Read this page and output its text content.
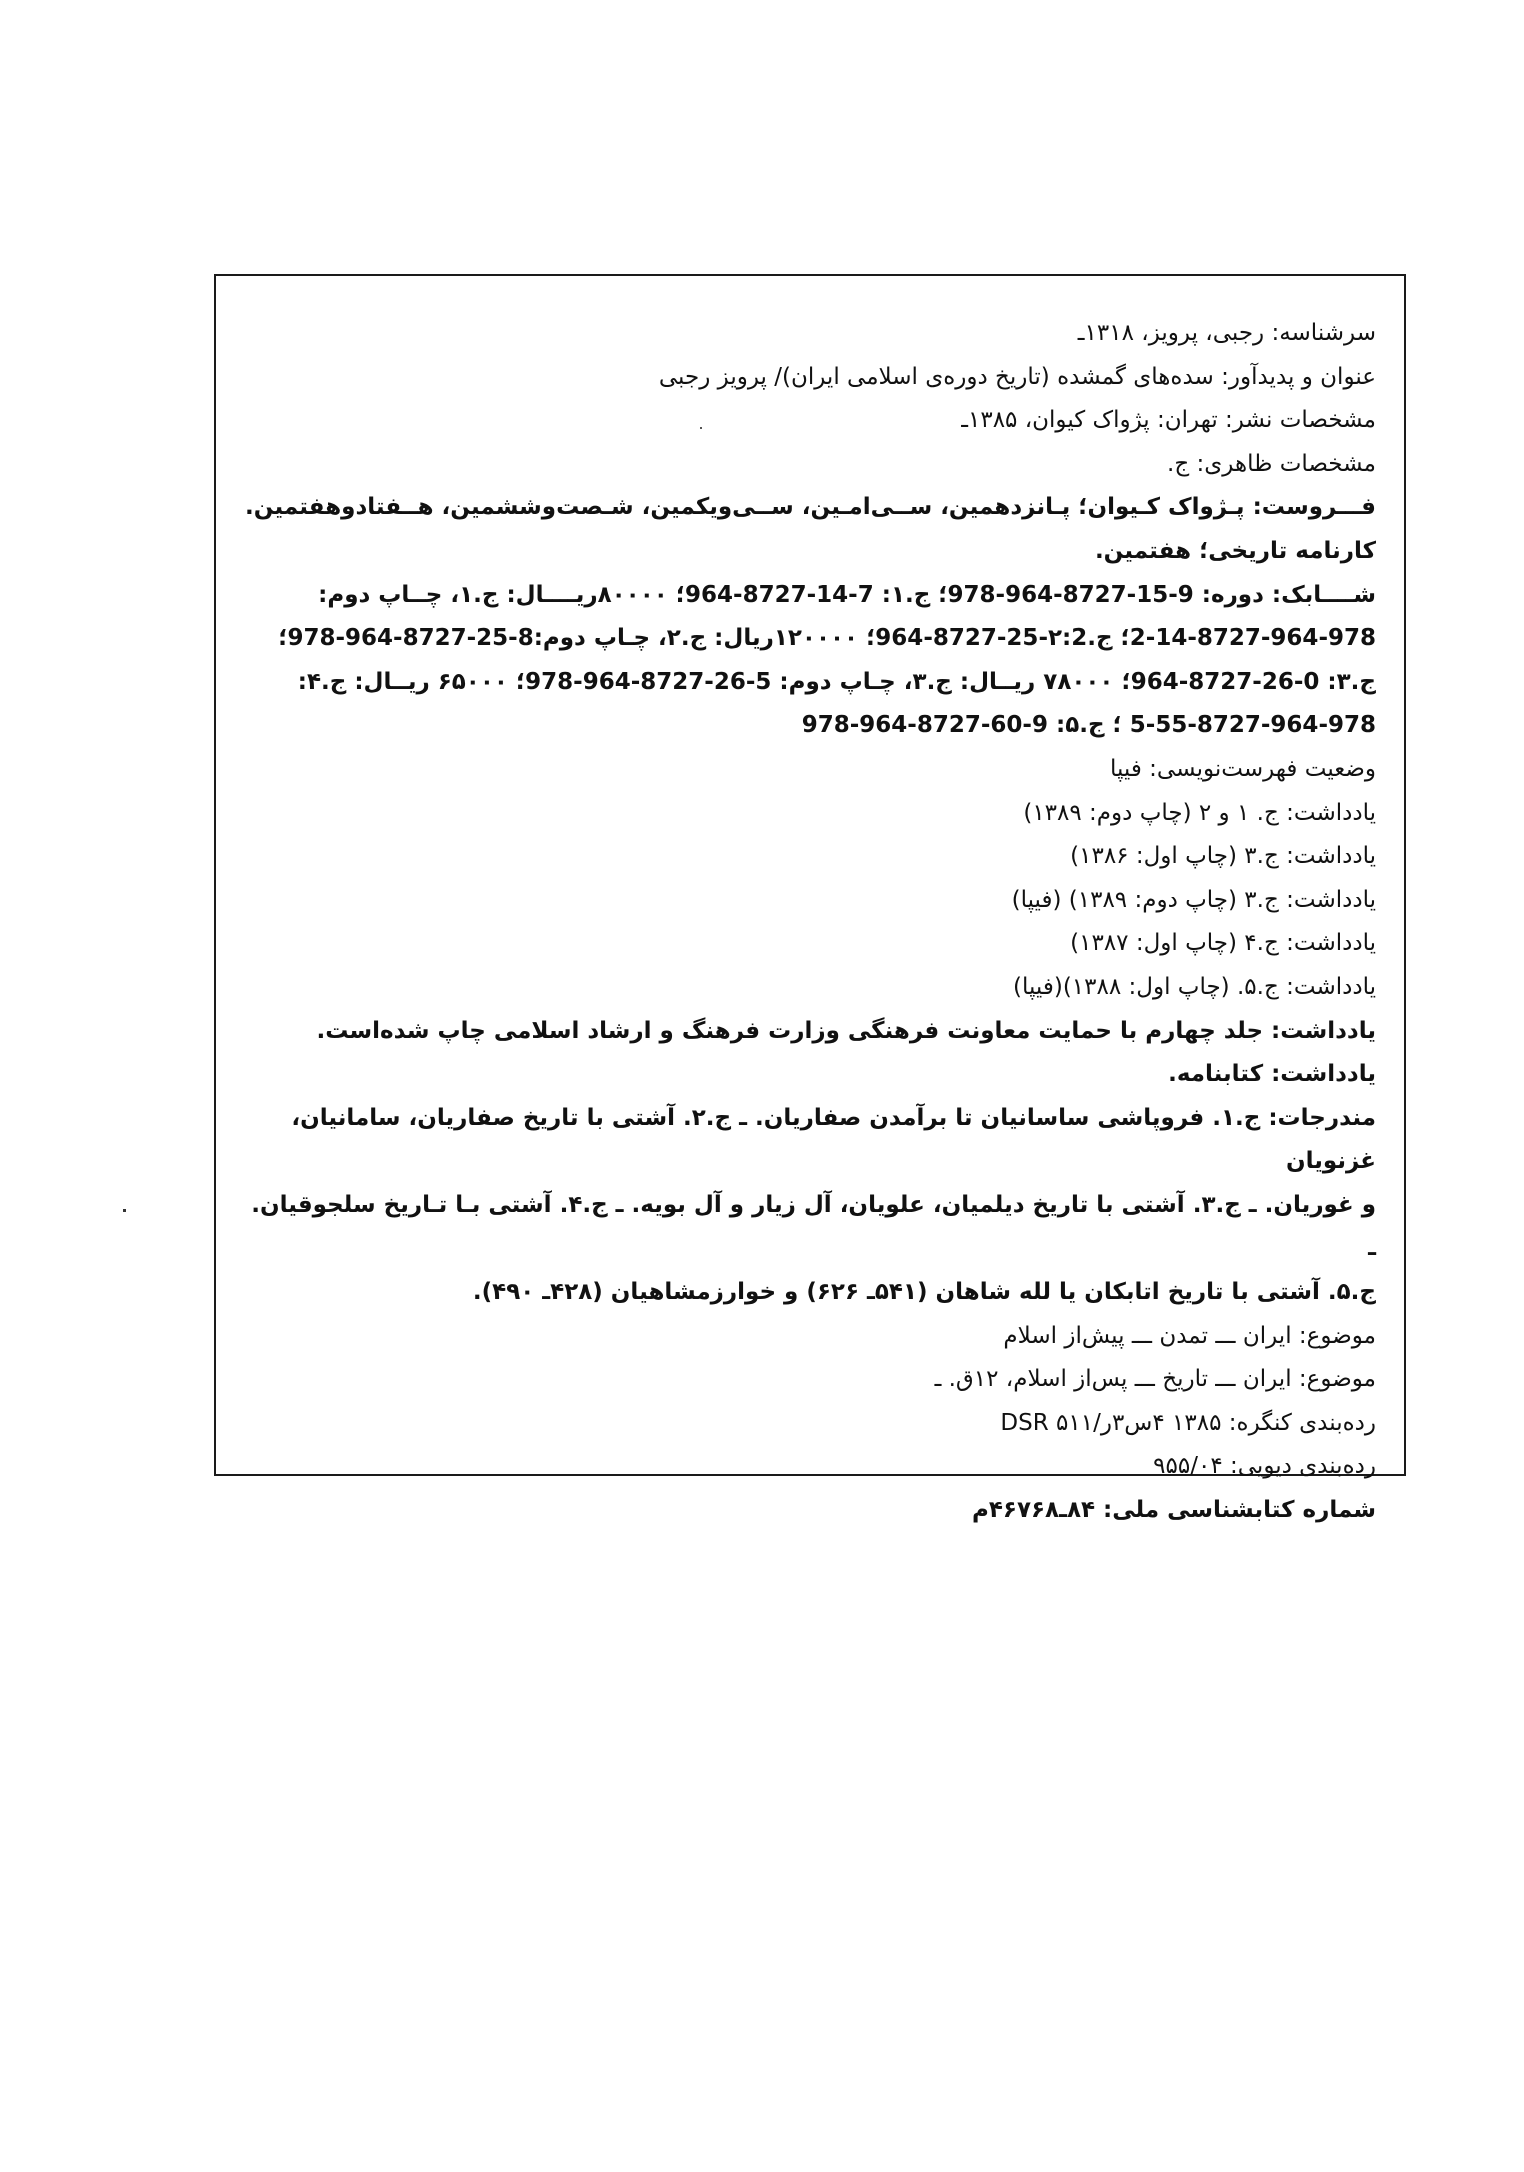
سرشناسه: رجبی، پرویز، ۱۳۱۸ـ
عنوان و پدیدآور: سده‌های گمشده (تاریخ دوره‌ی اسلامی ایران)/ پرویز رجبی
مشخصات نشر: تهران: پژواک کیوان، ۱۳۸۵ـ
مشخصات ظاهری: ج.
فـــروست: پـژواک کـیوان؛ پـانزدهمین، ســی‌امـین، ســی‌ویکمین، شـصت‌وششمین، هــفتادوهفتمین.
کارنامه تاریخی؛ هفتمین.
شــــابک: دوره: 9-15-8727-964-978؛ ج.۱: 7-14-8727-964؛ ۸۰۰۰۰ریــــال: ج.۱، چــاپ دوم:
2-14-8727-964-978؛ ج.۲:2-25-8727-964؛ ۱۲۰۰۰۰ریال: ج.۲، چـاپ دوم:8-25-8727-964-978؛
ج.۳: 0-26-8727-964؛ ۷۸۰۰۰ ریــال: ج.۳، چـاپ دوم: 5-26-8727-964-978؛ ۶۵۰۰۰ ریــال: ج.۴:
5-55-8727-964-978 ؛ ج.۵: 9-60-8727-964-978
وضعیت فهرست‌نویسی: فیپا
یادداشت: ج. ۱ و ۲ (چاپ دوم: ۱۳۸۹)
یادداشت: ج.۳ (چاپ اول: ۱۳۸۶)
یادداشت: ج.۳ (چاپ دوم: ۱۳۸۹) (فیپا)
یادداشت: ج.۴ (چاپ اول: ۱۳۸۷)
یادداشت: ج.۵. (چاپ اول: ۱۳۸۸)(فیپا)
یادداشت: جلد چهارم با حمایت معاونت فرهنگی وزارت فرهنگ و ارشاد اسلامی چاپ شده‌است.
یادداشت: کتابنامه.
مندرجات: ج.۱. فروپاشی ساسانیان تا برآمدن صفاریان. ـ ج.۲. آشتی با تاریخ صفاریان، سامانیان، غزنویان
و غوریان. ـ ج.۳. آشتی با تاریخ دیلمیان، علویان، آل زیار و آل بویه. ـ ج.۴. آشتی بـا تـاریخ سلجوقیان. ـ
ج.۵. آشتی با تاریخ اتابکان یا لله شاهان (۵۴۱ـ ۶۲۶) و خوارزمشاهیان (۴۲۸ـ ۴۹۰).
موضوع: ایران ـــ تمدن ـــ پیش‌از اسلام
موضوع: ایران ـــ تاریخ ـــ پس‌از اسلام، ۱۲ق. ـ
رده‌بندی کنگره: ۱۳۸۵ ۴س۳ر/۵۱۱ DSR
رده‌بندی دیویی: ۹۵۵/۰۴
شماره کتابشناسی ملی: ۸۴ـ۴۶۷۶۸م
